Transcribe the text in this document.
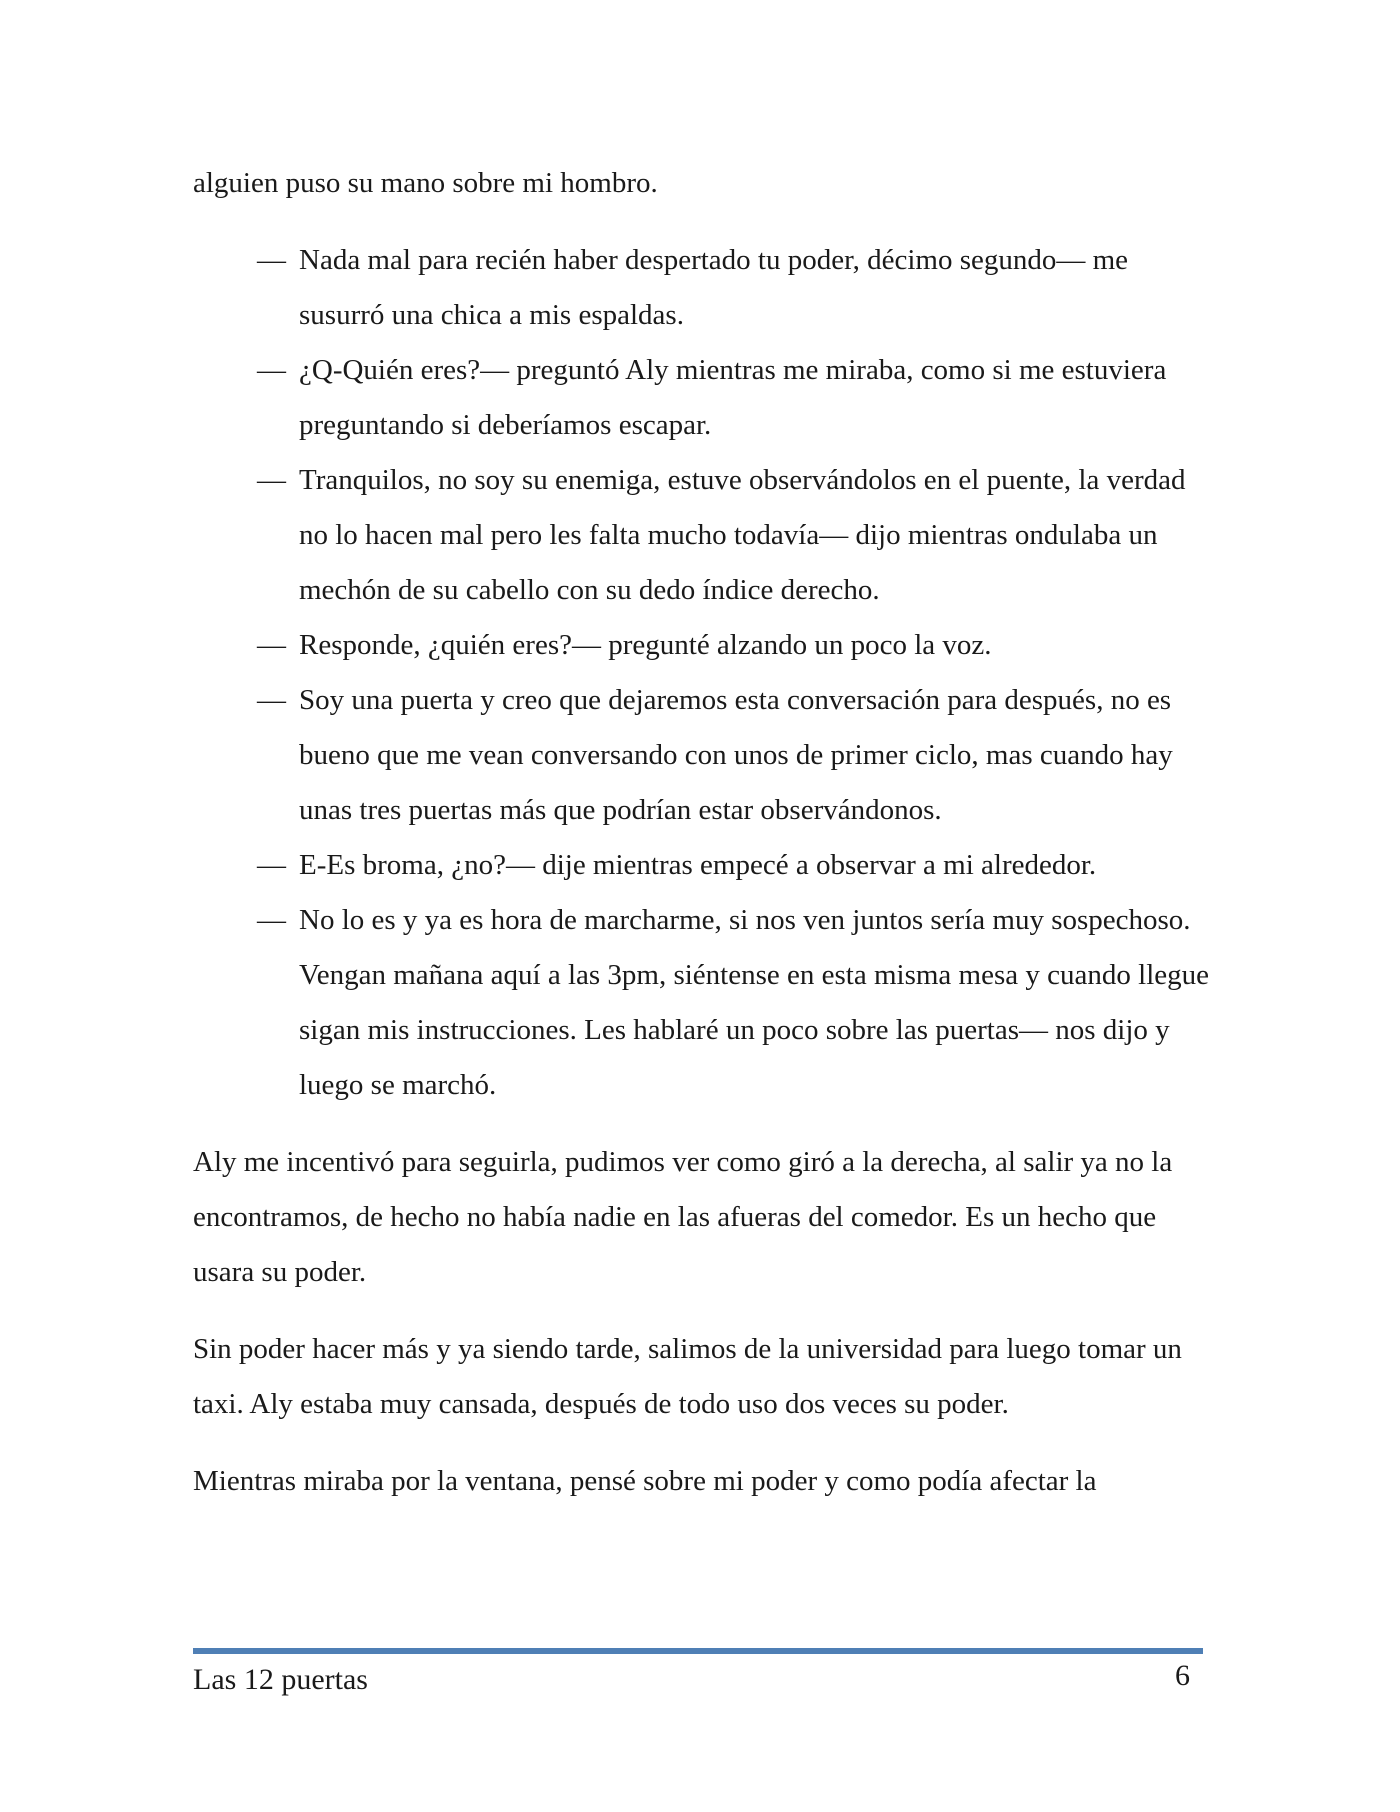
alguien puso su mano sobre mi hombro.

— Nada mal para recién haber despertado tu poder, décimo segundo— me susurró una chica a mis espaldas.
— ¿Q-Quién eres?— preguntó Aly mientras me miraba, como si me estuviera preguntando si deberíamos escapar.
— Tranquilos, no soy su enemiga, estuve observándolos en el puente, la verdad no lo hacen mal pero les falta mucho todavía— dijo mientras ondulaba un mechón de su cabello con su dedo índice derecho.
— Responde, ¿quién eres?— pregunté alzando un poco la voz.
— Soy una puerta y creo que dejaremos esta conversación para después, no es bueno que me vean conversando con unos de primer ciclo, mas cuando hay unas tres puertas más que podrían estar observándonos.
— E-Es broma, ¿no?— dije mientras empecé a observar a mi alrededor.
— No lo es y ya es hora de marcharme, si nos ven juntos sería muy sospechoso. Vengan mañana aquí a las 3pm, siéntense en esta misma mesa y cuando llegue sigan mis instrucciones. Les hablaré un poco sobre las puertas— nos dijo y luego se marchó.

Aly me incentivó para seguirla, pudimos ver como giró a la derecha, al salir ya no la encontramos, de hecho no había nadie en las afueras del comedor. Es un hecho que usara su poder.

Sin poder hacer más y ya siendo tarde, salimos de la universidad para luego tomar un taxi. Aly estaba muy cansada, después de todo uso dos veces su poder.

Mientras miraba por la ventana, pensé sobre mi poder y como podía afectar la

Las 12 puertas	6
